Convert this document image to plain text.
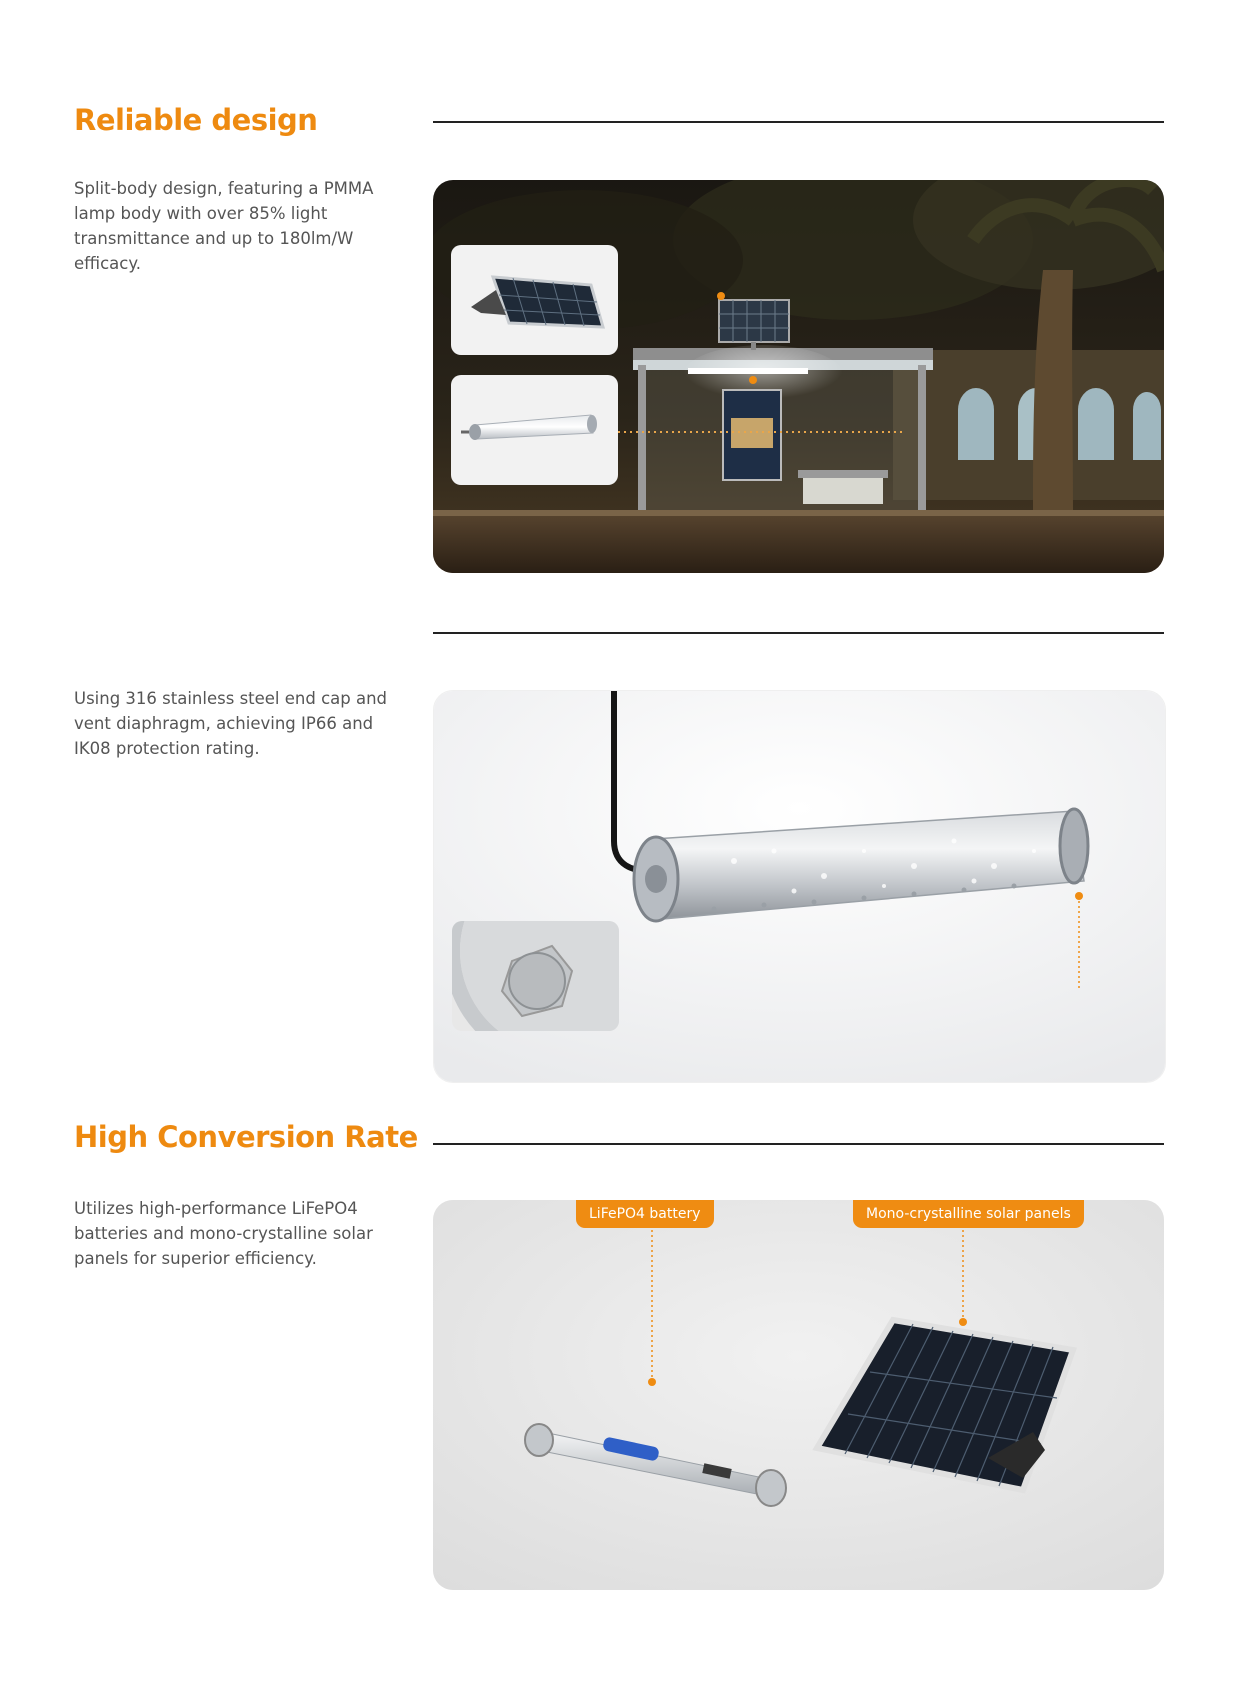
Reliable design

Split-body design, featuring a PMMA lamp body with over 85% light transmittance and up to 180lm/W efficacy.

Using 316 stainless steel end cap and vent diaphragm, achieving IP66 and IK08 protection rating.

High Conversion Rate

Utilizes high-performance LiFePO4 batteries and mono-crystalline solar panels for superior efficiency.

LiFePO4 battery	Mono-crystalline solar panels
